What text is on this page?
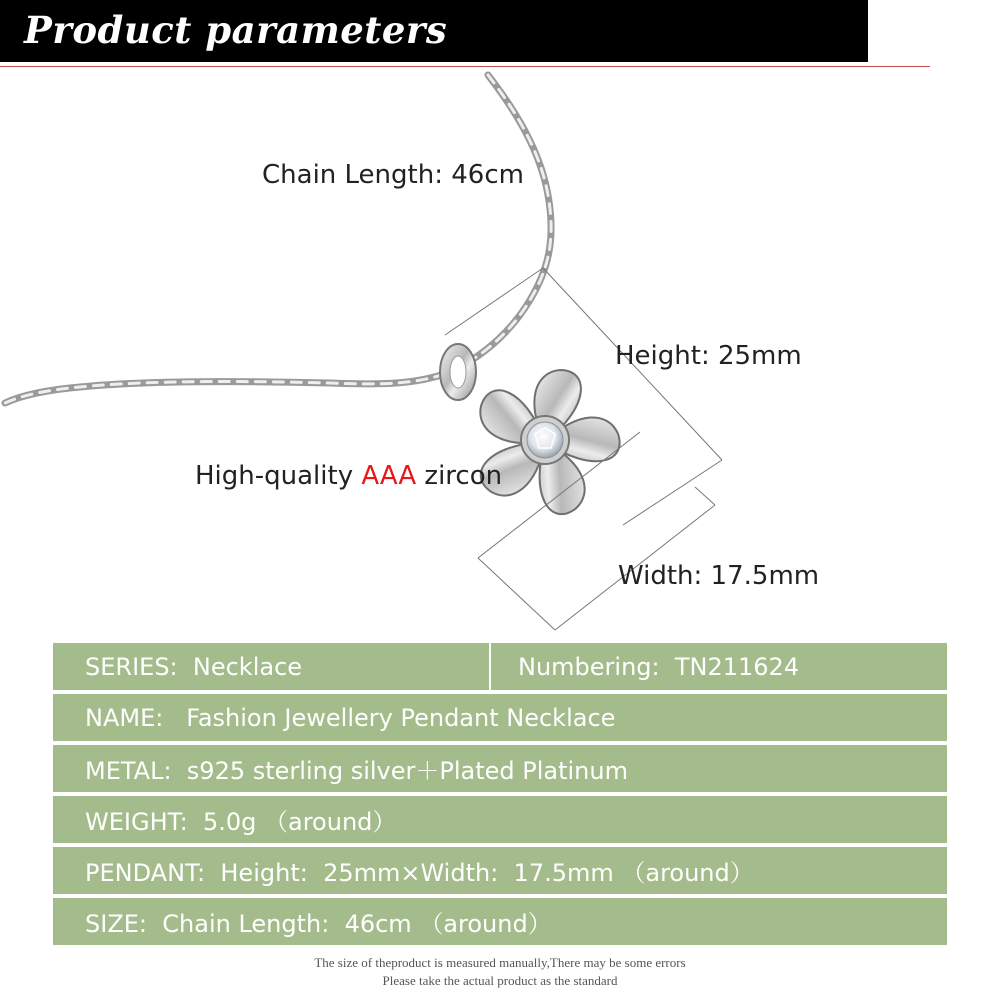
Product parameters
Chain Length: 46cm
Height: 25mm
Width: 17.5mm
High-quality AAA zircon
SERIES:  Necklace	Numbering:  TN211624
NAME:   Fashion Jewellery Pendant Necklace
METAL:  s925 sterling silver＋Plated Platinum
WEIGHT:  5.0g （around）
PENDANT:  Height:  25mm×Width:  17.5mm （around）
SIZE:  Chain Length:  46cm （around）
The size of theproduct is measured manually,There may be some errors
Please take the actual product as the standard
